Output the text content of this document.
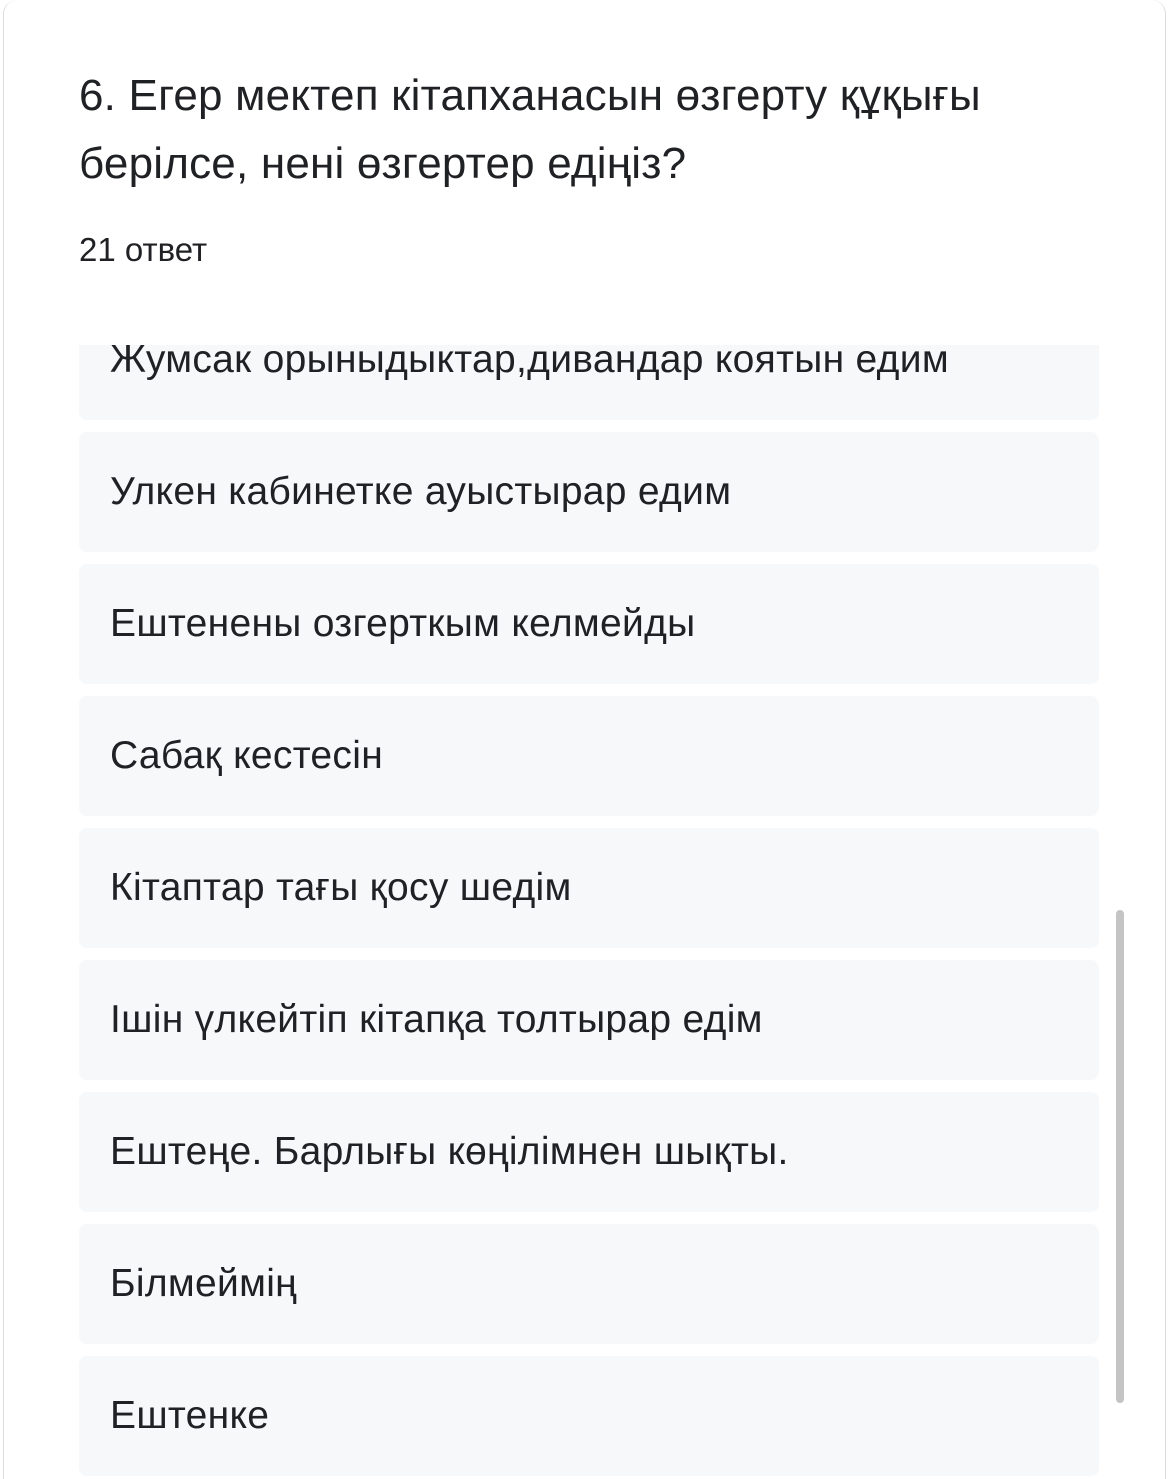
6. Егер мектеп кітапханасын өзгерту құқығы берілсе, нені өзгертер едіңіз?
21 ответ
Жумсак орыныдыктар,дивандар коятын едим
Улкен кабинетке ауыстырар едим
Ештенены озгерткым келмейды
Сабақ кестесін
Кітаптар тағы қосу шедім
Ішін үлкейтіп кітапқа толтырар едім
Ештеңе. Барлығы көңілімнен шықты.
Білмеймің
Ештенке
